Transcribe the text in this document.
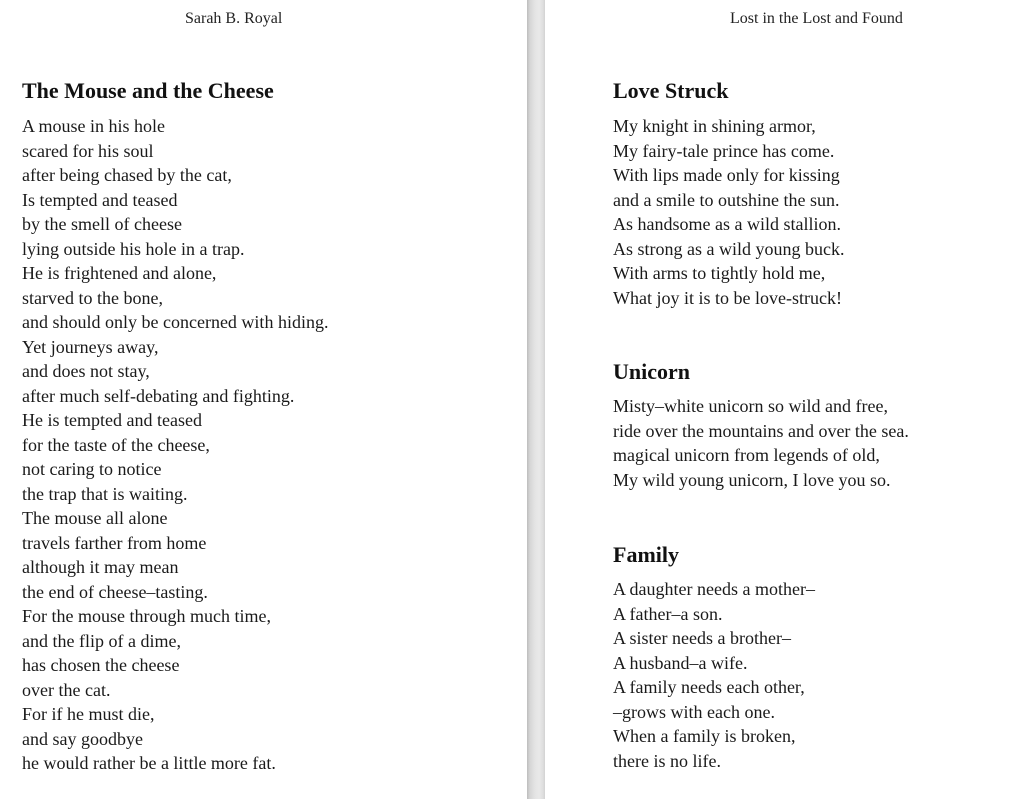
Sarah B. Royal
The Mouse and the Cheese
A mouse in his hole
scared for his soul
after being chased by the cat,
Is tempted and teased
by the smell of cheese
lying outside his hole in a trap.
He is frightened and alone,
starved to the bone,
and should only be concerned with hiding.
Yet journeys away,
and does not stay,
after much self-debating and fighting.
He is tempted and teased
for the taste of the cheese,
not caring to notice
the trap that is waiting.
The mouse all alone
travels farther from home
although it may mean
the end of cheese–tasting.
For the mouse through much time,
and the flip of a dime,
has chosen the cheese
over the cat.
For if he must die,
and say goodbye
he would rather be a little more fat.
Lost in the Lost and Found
Love Struck
My knight in shining armor,
My fairy-tale prince has come.
With lips made only for kissing
and a smile to outshine the sun.
As handsome as a wild stallion.
As strong as a wild young buck.
With arms to tightly hold me,
What joy it is to be love-struck!
Unicorn
Misty–white unicorn so wild and free,
ride over the mountains and over the sea.
magical unicorn from legends of old,
My wild young unicorn, I love you so.
Family
A daughter needs a mother–
A father–a son.
A sister needs a brother–
A husband–a wife.
A family needs each other,
–grows with each one.
When a family is broken,
there is no life.
